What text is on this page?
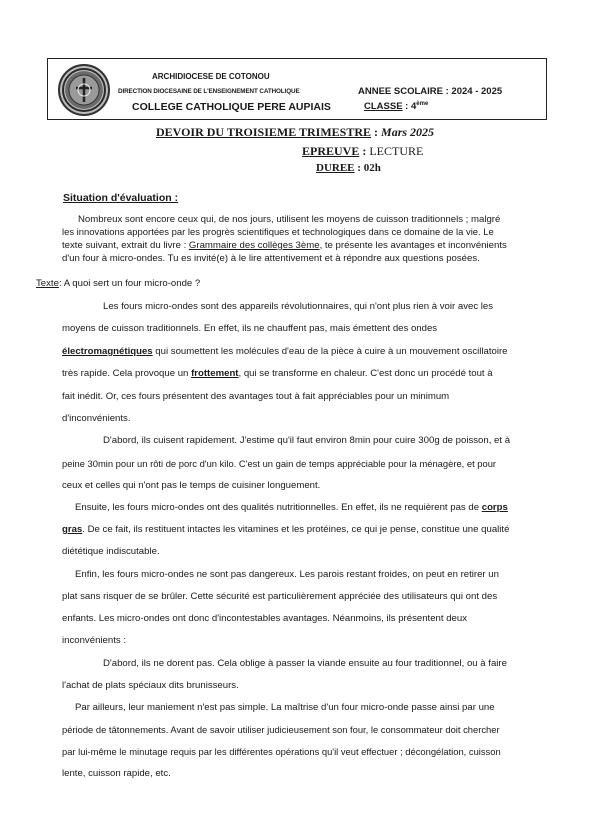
ARCHIDIOCESE DE COTONOU
DIRECTION DIOCESAINE DE L'ENSEIGNEMENT CATHOLIQUE
COLLEGE CATHOLIQUE PERE AUPIAIS
ANNEE SCOLAIRE : 2024 - 2025
CLASSE : 4ème
DEVOIR DU TROISIEME TRIMESTRE : Mars 2025
EPREUVE : LECTURE
DUREE : 02h
Situation d'évaluation :
Nombreux sont encore ceux qui, de nos jours, utilisent les moyens de cuisson traditionnels ; malgré
les innovations apportées par les progrès scientifiques et technologiques dans ce domaine de la vie. Le
texte suivant, extrait du livre : Grammaire des collèges 3ème, te présente les avantages et inconvénients
d'un four à micro-ondes. Tu es invité(e) à le lire attentivement et à répondre aux questions posées.
Texte: A quoi sert un four micro-onde ?
Les fours micro-ondes sont des appareils révolutionnaires, qui n'ont plus rien à voir avec les
moyens de cuisson traditionnels. En effet, ils ne chauffent pas, mais émettent des ondes
électromagnétiques qui soumettent les molécules d'eau de la pièce à cuire à un mouvement oscillatoire
très rapide. Cela provoque un frottement, qui se transforme en chaleur. C'est donc un procédé tout à
fait inédit. Or, ces fours présentent des avantages tout à fait appréciables pour un minimum
d'inconvénients.
D'abord, ils cuisent rapidement. J'estime qu'il faut environ 8min pour cuire 300g de poisson, et à
peine 30min pour un rôti de porc d'un kilo. C'est un gain de temps appréciable pour la ménagère, et pour
ceux et celles qui n'ont pas le temps de cuisiner longuement.
Ensuite, les fours micro-ondes ont des qualités nutritionnelles. En effet, ils ne requièrent pas de corps
gras. De ce fait, ils restituent intactes les vitamines et les protéines, ce qui je pense, constitue une qualité
diététique indiscutable.
Enfin, les fours micro-ondes ne sont pas dangereux. Les parois restant froides, on peut en retirer un
plat sans risquer de se brûler. Cette sécurité est particulièrement appréciée des utilisateurs qui ont des
enfants. Les micro-ondes ont donc d'incontestables avantages. Néanmoins, ils présentent deux
inconvénients :
D'abord, ils ne dorent pas. Cela oblige à passer la viande ensuite au four traditionnel, ou à faire
l'achat de plats spéciaux dits brunisseurs.
Par ailleurs, leur maniement n'est pas simple. La maîtrise d'un four micro-onde passe ainsi par une
période de tâtonnements. Avant de savoir utiliser judicieusement son four, le consommateur doit chercher
par lui-même le minutage requis par les différentes opérations qu'il veut effectuer ; décongélation, cuisson
lente, cuisson rapide, etc.
